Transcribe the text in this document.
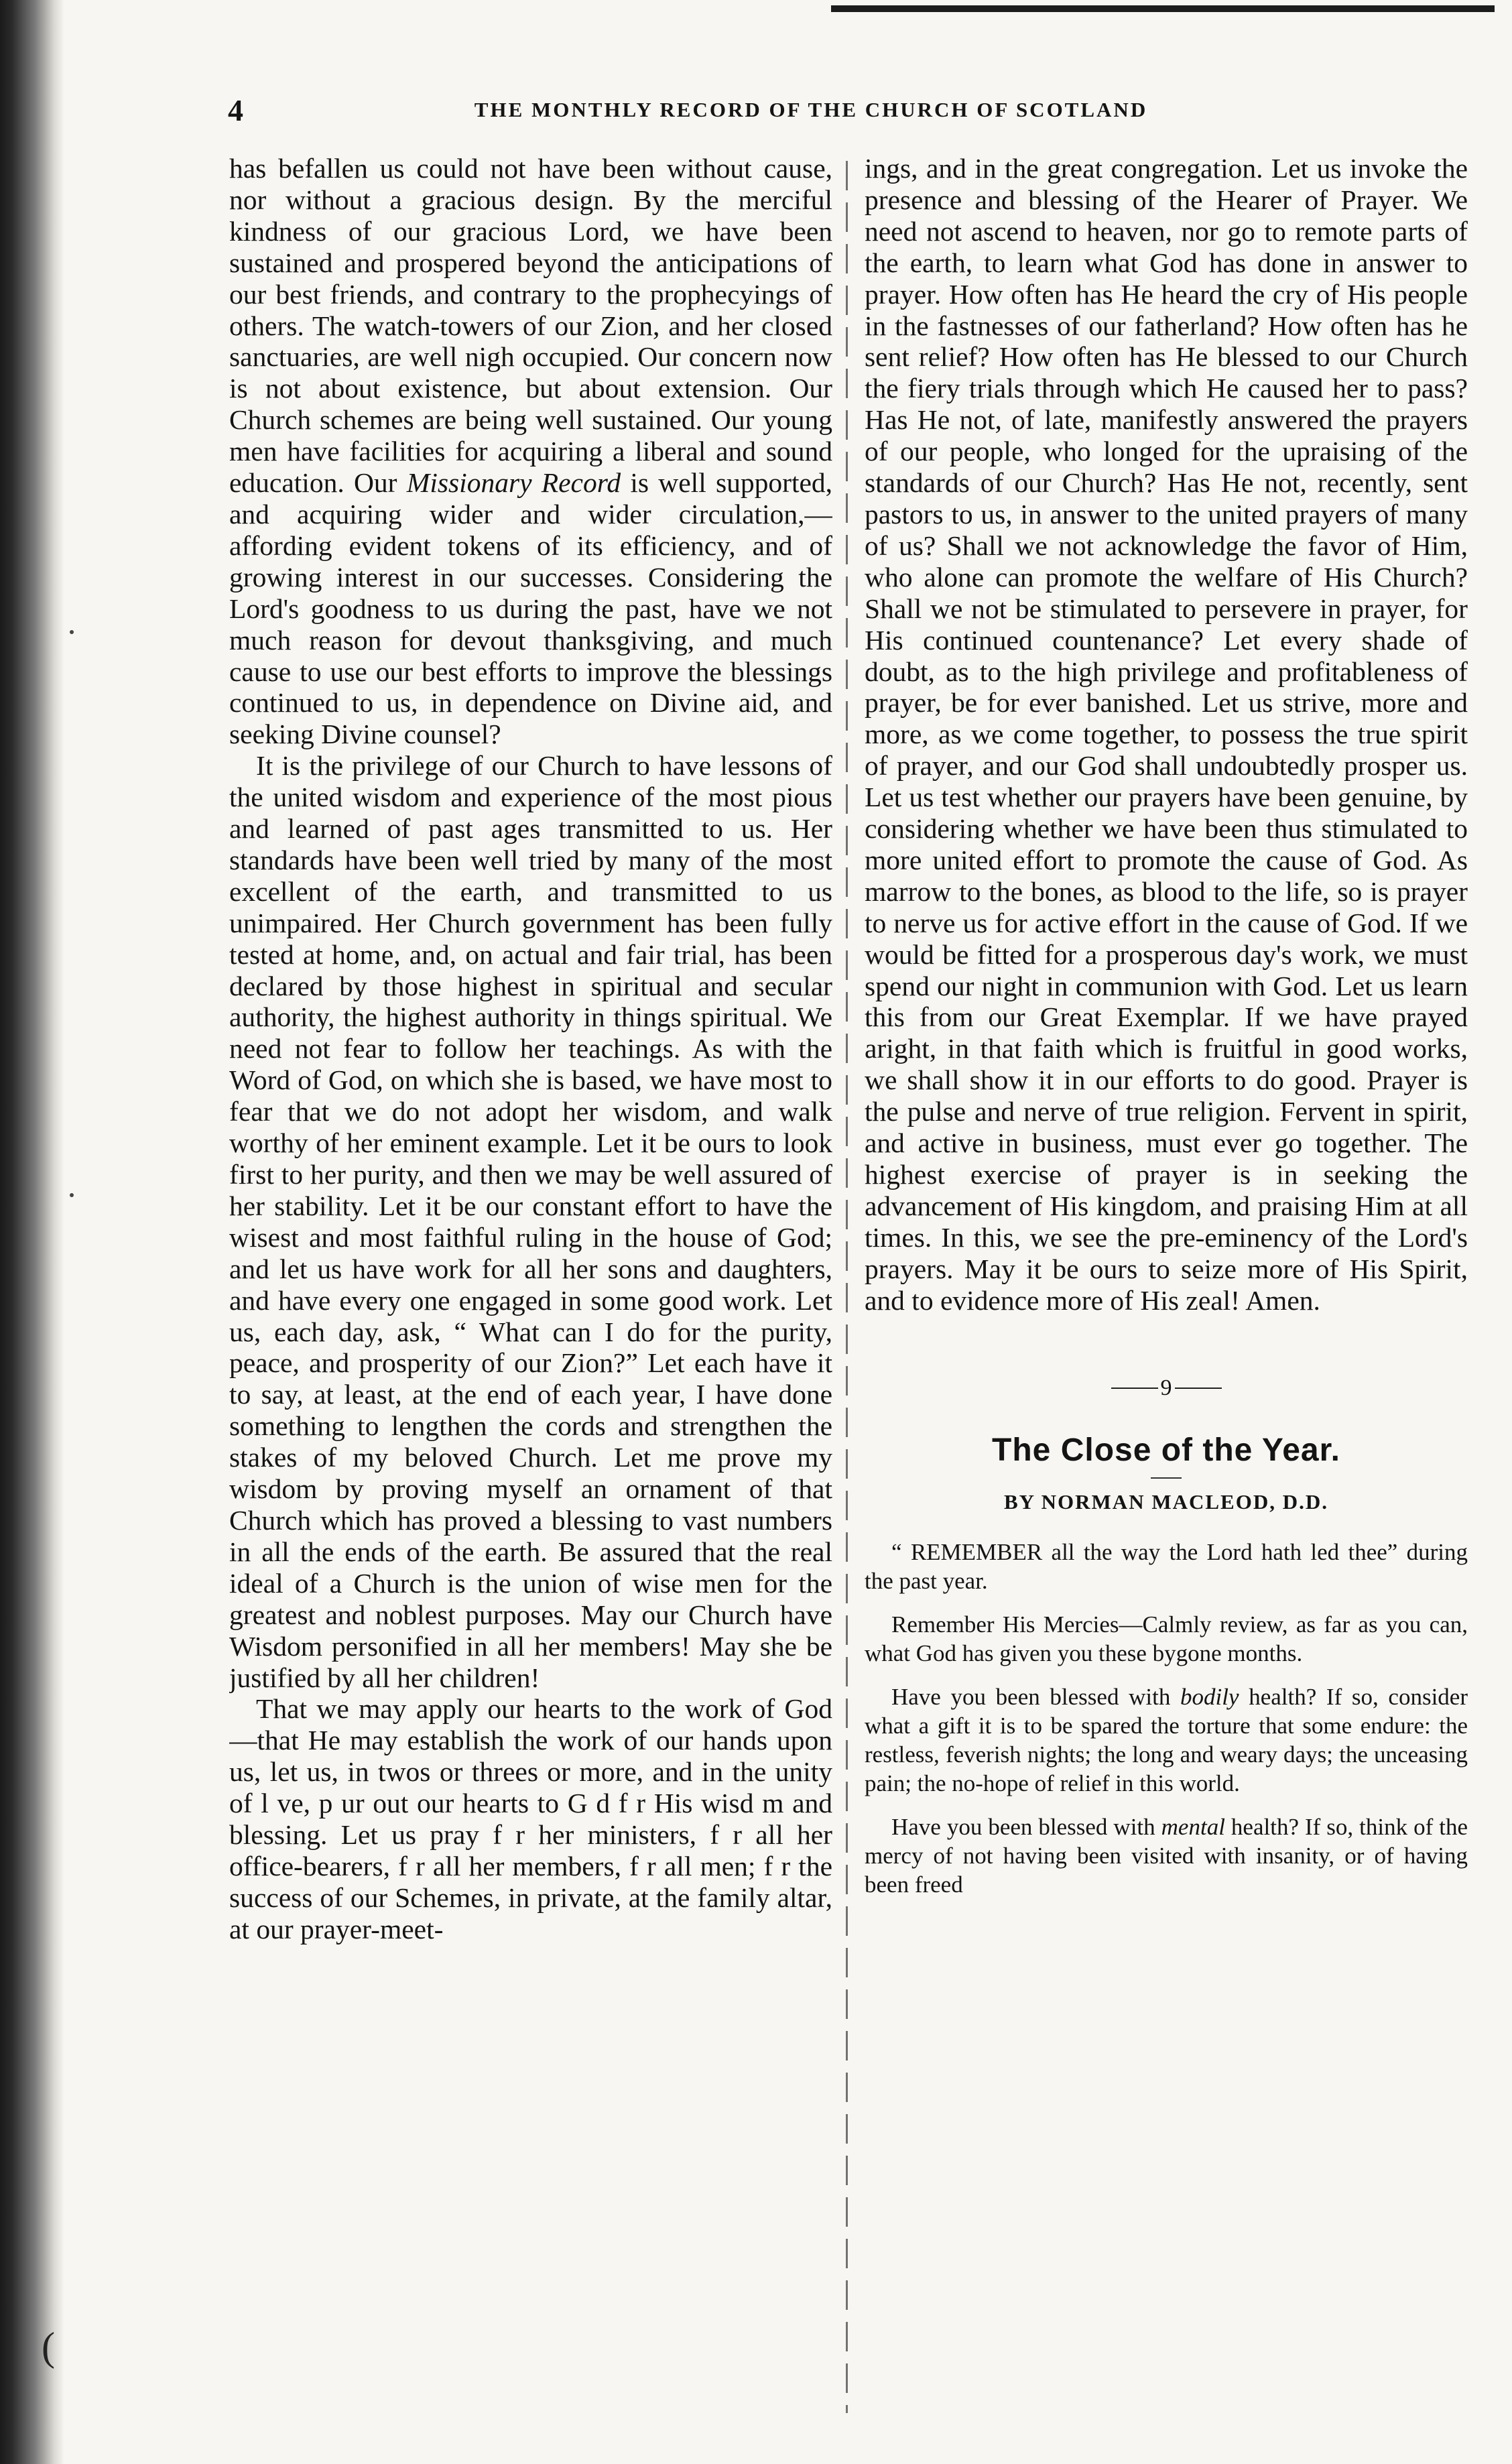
4	THE MONTHLY RECORD OF THE CHURCH OF SCOTLAND

has befallen us could not have been without cause, nor without a gracious design. By the merciful kindness of our gracious Lord, we have been sustained and prospered beyond the anticipations of our best friends, and contrary to the prophecyings of others. The watch-towers of our Zion, and her closed sanctuaries, are well nigh occupied. Our concern now is not about existence, but about extension. Our Church schemes are being well sustained. Our young men have facilities for acquiring a liberal and sound education. Our Missionary Record is well supported, and acquiring wider and wider circulation,—affording evident tokens of its efficiency, and of growing interest in our successes. Considering the Lord's goodness to us during the past, have we not much reason for devout thanksgiving, and much cause to use our best efforts to improve the blessings continued to us, in dependence on Divine aid, and seeking Divine counsel?

It is the privilege of our Church to have lessons of the united wisdom and experience of the most pious and learned of past ages transmitted to us. Her standards have been well tried by many of the most excellent of the earth, and transmitted to us unimpaired. Her Church government has been fully tested at home, and, on actual and fair trial, has been declared by those highest in spiritual and secular authority, the highest authority in things spiritual. We need not fear to follow her teachings. As with the Word of God, on which she is based, we have most to fear that we do not adopt her wisdom, and walk worthy of her eminent example. Let it be ours to look first to her purity, and then we may be well assured of her stability. Let it be our constant effort to have the wisest and most faithful ruling in the house of God; and let us have work for all her sons and daughters, and have every one engaged in some good work. Let us, each day, ask, “ What can I do for the purity, peace, and prosperity of our Zion?” Let each have it to say, at least, at the end of each year, I have done something to lengthen the cords and strengthen the stakes of my beloved Church. Let me prove my wisdom by proving myself an ornament of that Church which has proved a blessing to vast numbers in all the ends of the earth. Be assured that the real ideal of a Church is the union of wise men for the greatest and noblest purposes. May our Church have Wisdom personified in all her members! May she be justified by all her children!

That we may apply our hearts to the work of God—that He may establish the work of our hands upon us, let us, in twos or threes or more, and in the unity of l ve, p ur out our hearts to G d f r His wisd m and blessing. Let us pray f r her ministers, f r all her office-bearers, f r all her members, f r all men; f r the success of our Schemes, in private, at the family altar, at our prayer-meet-

ings, and in the great congregation. Let us invoke the presence and blessing of the Hearer of Prayer. We need not ascend to heaven, nor go to remote parts of the earth, to learn what God has done in answer to prayer. How often has He heard the cry of His people in the fastnesses of our fatherland? How often has he sent relief? How often has He blessed to our Church the fiery trials through which He caused her to pass? Has He not, of late, manifestly answered the prayers of our people, who longed for the upraising of the standards of our Church? Has He not, recently, sent pastors to us, in answer to the united prayers of many of us? Shall we not acknowledge the favor of Him, who alone can promote the welfare of His Church? Shall we not be stimulated to persevere in prayer, for His continued countenance? Let every shade of doubt, as to the high privilege and profitableness of prayer, be for ever banished. Let us strive, more and more, as we come together, to possess the true spirit of prayer, and our God shall undoubtedly prosper us. Let us test whether our prayers have been genuine, by considering whether we have been thus stimulated to more united effort to promote the cause of God. As marrow to the bones, as blood to the life, so is prayer to nerve us for active effort in the cause of God. If we would be fitted for a prosperous day's work, we must spend our night in communion with God. Let us learn this from our Great Exemplar. If we have prayed aright, in that faith which is fruitful in good works, we shall show it in our efforts to do good. Prayer is the pulse and nerve of true religion. Fervent in spirit, and active in business, must ever go together. The highest exercise of prayer is in seeking the advancement of His kingdom, and praising Him at all times. In this, we see the pre-eminency of the Lord's prayers. May it be ours to seize more of His Spirit, and to evidence more of His zeal! Amen.

9
The Close of the Year.
BY NORMAN MACLEOD, D.D.

“ REMEMBER all the way the Lord hath led thee” during the past year.

Remember His Mercies—Calmly review, as far as you can, what God has given you these bygone months.

Have you been blessed with bodily health? If so, consider what a gift it is to be spared the torture that some endure: the restless, feverish nights; the long and weary days; the unceasing pain; the no-hope of relief in this world.

Have you been blessed with mental health? If so, think of the mercy of not having been visited with insanity, or of having been freed

(
